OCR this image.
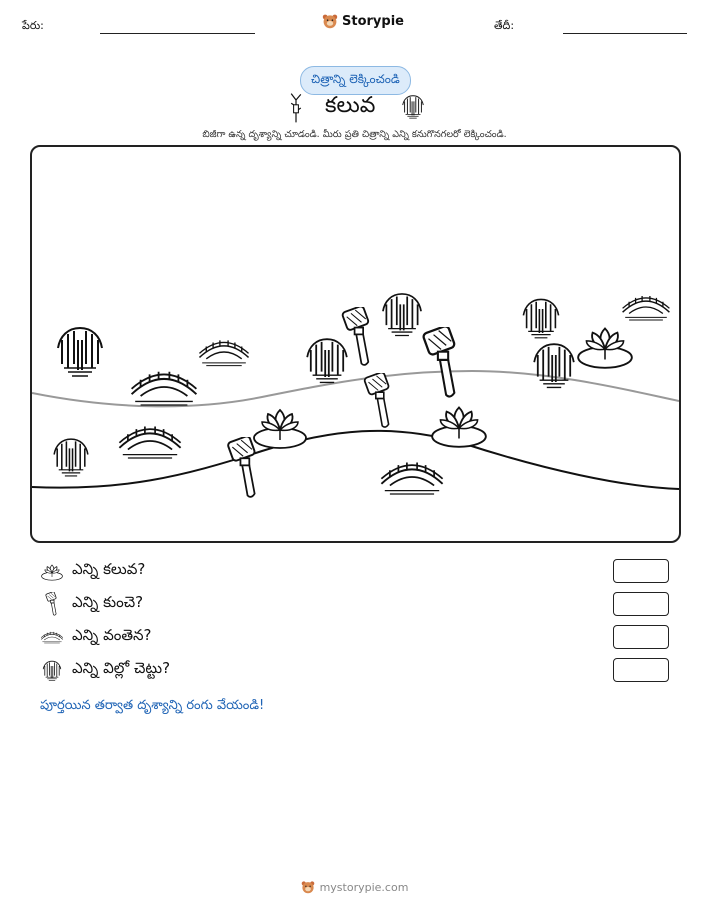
పేరు:	Storypie	తేదీ:
చిత్రాన్ని లెక్కించండి
కలువ
బిజీగా ఉన్న దృశ్యాన్ని చూడండి. మీరు ప్రతి చిత్రాన్ని ఎన్ని కనుగొనగలరో లెక్కించండి.
ఎన్ని కలువ?
ఎన్ని కుంచె?
ఎన్ని వంతెన?
ఎన్ని విల్లో చెట్టు?
పూర్తయిన తర్వాత దృశ్యాన్ని రంగు వేయండి!
mystorypie.com
